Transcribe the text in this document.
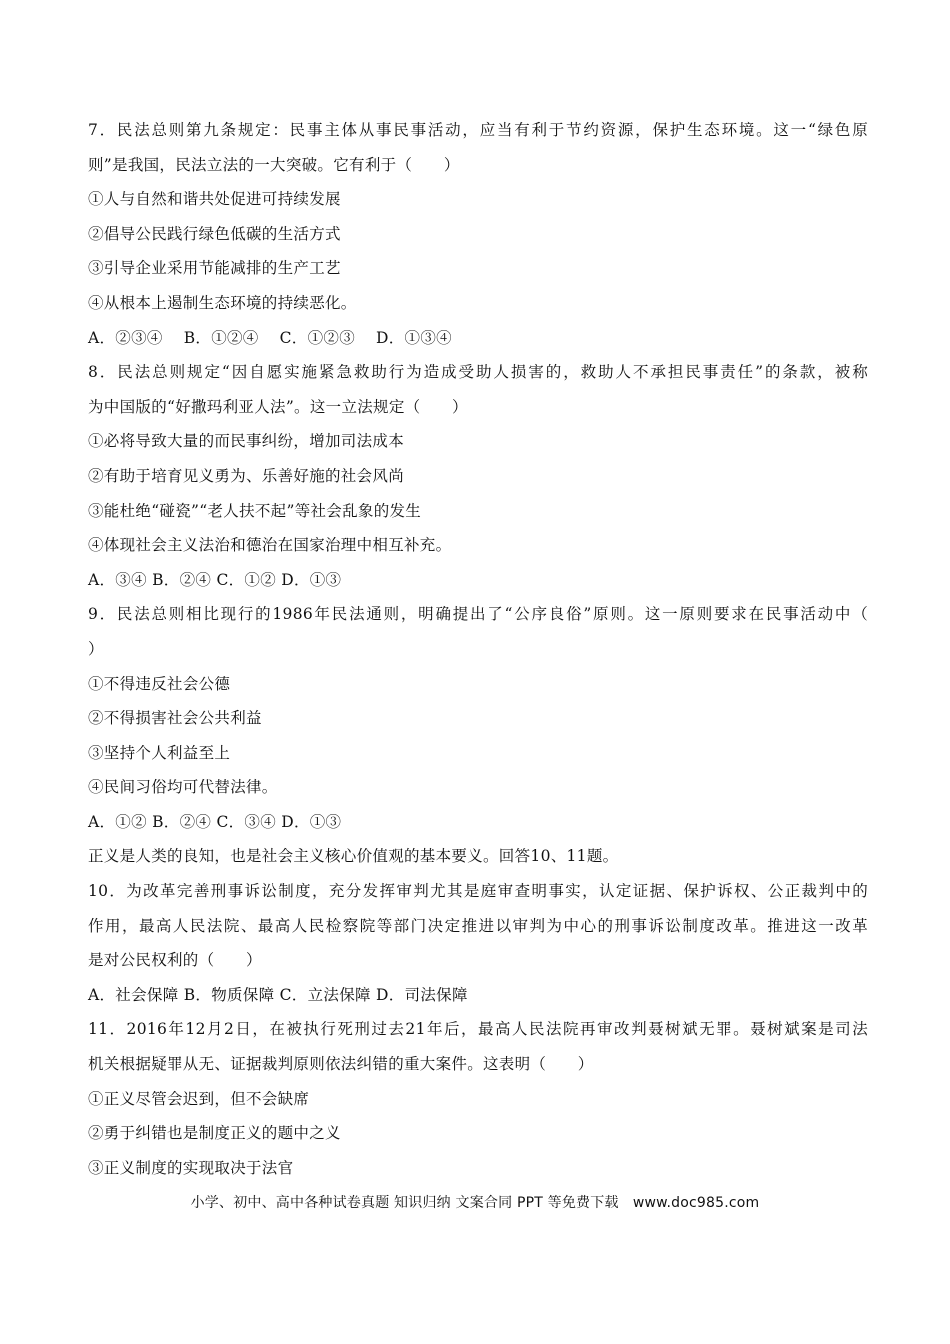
7．民法总则第九条规定：民事主体从事民事活动，应当有利于节约资源，保护生态环境。这一“绿色原
则”是我国，民法立法的一大突破。它有利于（　　）
①人与自然和谐共处促进可持续发展
②倡导公民践行绿色低碳的生活方式
③引导企业采用节能减排的生产工艺
④从根本上遏制生态环境的持续恶化。
A．②③④　 B．①②④　 C．①②③　 D．①③④
8．民法总则规定“因自愿实施紧急救助行为造成受助人损害的，救助人不承担民事责任”的条款，被称
为中国版的“好撒玛利亚人法”。这一立法规定（　　）
①必将导致大量的而民事纠纷，增加司法成本
②有助于培育见义勇为、乐善好施的社会风尚
③能杜绝“碰瓷”“老人扶不起”等社会乱象的发生
④体现社会主义法治和德治在国家治理中相互补充。
A．③④ B．②④ C．①② D．①③
9．民法总则相比现行的1986年民法通则，明确提出了“公序良俗”原则。这一原则要求在民事活动中（
）
①不得违反社会公德
②不得损害社会公共利益
③坚持个人利益至上
④民间习俗均可代替法律。
A．①② B．②④ C．③④ D．①③
正义是人类的良知，也是社会主义核心价值观的基本要义。回答10、11题。
10．为改革完善刑事诉讼制度，充分发挥审判尤其是庭审查明事实，认定证据、保护诉权、公正裁判中的
作用，最高人民法院、最高人民检察院等部门决定推进以审判为中心的刑事诉讼制度改革。推进这一改革
是对公民权利的（　　）
A．社会保障 B．物质保障 C．立法保障 D．司法保障
11．2016年12月2日，在被执行死刑过去21年后，最高人民法院再审改判聂树斌无罪。聂树斌案是司法
机关根据疑罪从无、证据裁判原则依法纠错的重大案件。这表明（　　）
①正义尽管会迟到，但不会缺席
②勇于纠错也是制度正义的题中之义
③正义制度的实现取决于法官
小学、初中、高中各种试卷真题 知识归纳 文案合同 PPT 等免费下载　www.doc985.com
